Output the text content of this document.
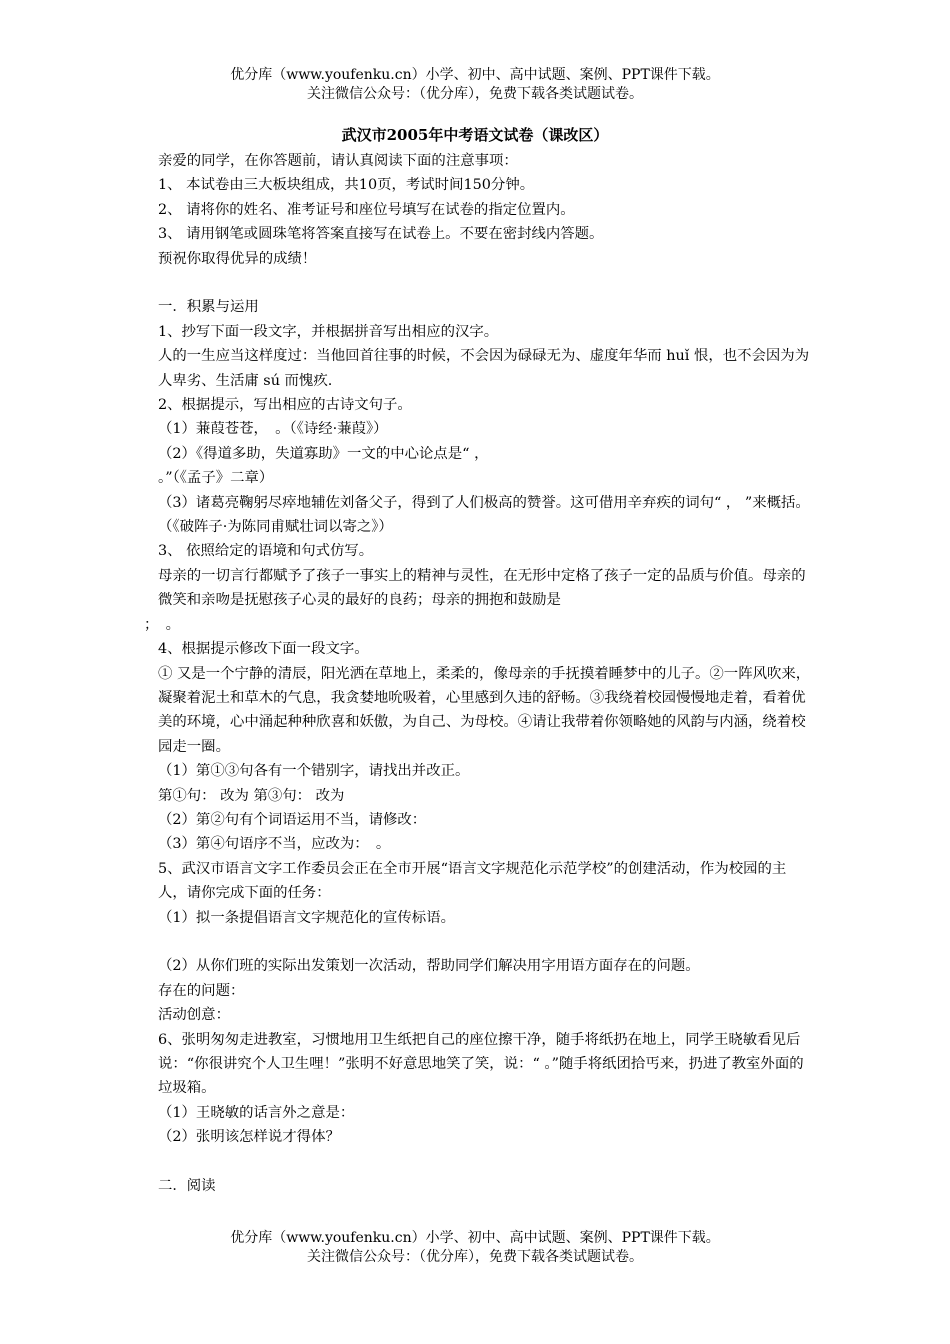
优分库（www.youfenku.cn）小学、初中、高中试题、案例、PPT课件下载。
关注微信公众号：（优分库），免费下载各类试题试卷。
武汉市2005年中考语文试卷（课改区）

亲爱的同学，在你答题前，请认真阅读下面的注意事项：

1、 本试卷由三大板块组成，共10页，考试时间150分钟。

2、 请将你的姓名、准考证号和座位号填写在试卷的指定位置内。

3、 请用钢笔或圆珠笔将答案直接写在试卷上。不要在密封线内答题。

预祝你取得优异的成绩！

一．积累与运用

1、抄写下面一段文字，并根据拼音写出相应的汉字。

人的一生应当这样度过：当他回首往事的时候，不会因为碌碌无为、虚度年华而 huǐ 恨，也不会因为为人卑劣、生活庸 sú 而愧疚.

2、根据提示，写出相应的古诗文句子。

（1）蒹葭苍苍，　。（《诗经·蒹葭》）

（2）《得道多助，失道寡助》一文的中心论点是“ ，

。”（《孟子》二章）

（3）诸葛亮鞠躬尽瘁地辅佐刘备父子，得到了人们极高的赞誉。这可借用辛弃疾的词句“ ， ”来概括。（《破阵子·为陈同甫赋壮词以寄之》）

3、 依照给定的语境和句式仿写。

母亲的一切言行都赋予了孩子一事实上的精神与灵性，在无形中定格了孩子一定的品质与价值。母亲的微笑和亲吻是抚慰孩子心灵的最好的良药；母亲的拥抱和鼓励是

；　。

4、根据提示修改下面一段文字。

① 又是一个宁静的清辰，阳光洒在草地上，柔柔的，像母亲的手抚摸着睡梦中的儿子。②一阵风吹来，凝聚着泥土和草木的气息，我贪婪地吮吸着，心里感到久违的舒畅。③我绕着校园慢慢地走着，看着优美的环境，心中涌起种种欣喜和妖傲，为自己、为母校。④请让我带着你领略她的风韵与内涵，绕着校园走一圈。

（1）第①③句各有一个错别字，请找出并改正。

第①句： 改为 第③句： 改为

（2）第②句有个词语运用不当，请修改：

（3）第④句语序不当，应改为：　。

5、武汉市语言文字工作委员会正在全市开展“语言文字规范化示范学校”的创建活动，作为校园的主人，请你完成下面的任务：

（1）拟一条提倡语言文字规范化的宣传标语。

（2）从你们班的实际出发策划一次活动，帮助同学们解决用字用语方面存在的问题。

存在的问题：

活动创意：

6、张明匆匆走进教室，习惯地用卫生纸把自己的座位擦干净，随手将纸扔在地上，同学王晓敏看见后说：“你很讲究个人卫生哩！”张明不好意思地笑了笑，说：“ 。”随手将纸团拾丐来，扔进了教室外面的垃圾箱。

（1）王晓敏的话言外之意是：

（2）张明该怎样说才得体？

二．阅读

优分库（www.youfenku.cn）小学、初中、高中试题、案例、PPT课件下载。
关注微信公众号：（优分库），免费下载各类试题试卷。
